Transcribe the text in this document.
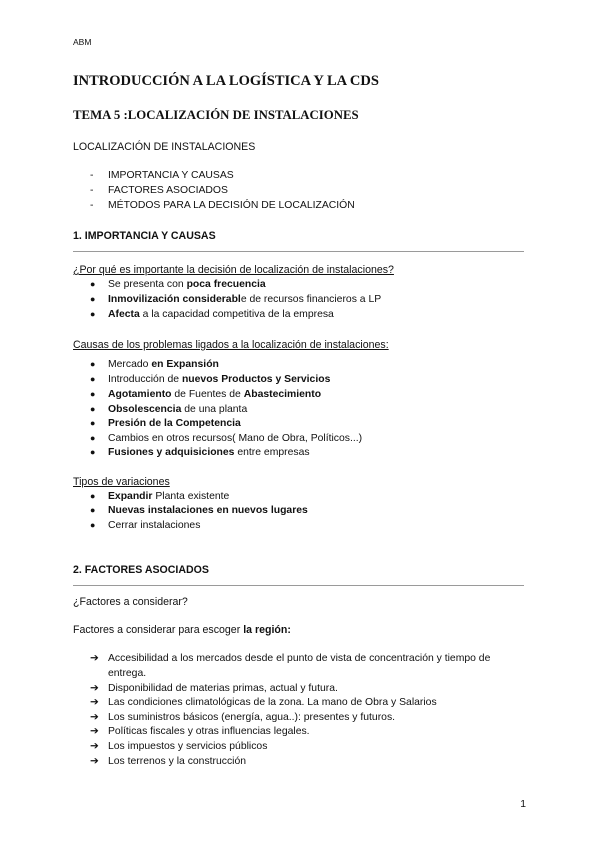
ABM
INTRODUCCIÓN A LA LOGÍSTICA Y LA CDS
TEMA 5 :LOCALIZACIÓN DE INSTALACIONES
LOCALIZACIÓN DE INSTALACIONES
- IMPORTANCIA Y CAUSAS
- FACTORES ASOCIADOS
- MÉTODOS PARA LA DECISIÓN DE LOCALIZACIÓN
1. IMPORTANCIA Y CAUSAS
¿Por qué es importante la decisión de localización de instalaciones?
● Se presenta con poca frecuencia
● Inmovilización considerable de recursos financieros a LP
● Afecta a la capacidad competitiva de la empresa
Causas de los problemas ligados a la localización de instalaciones:
● Mercado en Expansión
● Introducción de nuevos Productos y Servicios
● Agotamiento de Fuentes de Abastecimiento
● Obsolescencia de una planta
● Presión de la Competencia
● Cambios en otros recursos( Mano de Obra, Políticos...)
● Fusiones y adquisiciones entre empresas
Tipos de variaciones
● Expandir Planta existente
● Nuevas instalaciones en nuevos lugares
● Cerrar instalaciones
2. FACTORES ASOCIADOS
¿Factores a considerar?
Factores a considerar para escoger la región:
➔ Accesibilidad a los mercados desde el punto de vista de concentración y tiempo de
entrega.
➔ Disponibilidad de materias primas, actual y futura.
➔ Las condiciones climatológicas de la zona. La mano de Obra y Salarios
➔ Los suministros básicos (energía, agua..): presentes y futuros.
➔ Políticas fiscales y otras influencias legales.
➔ Los impuestos y servicios públicos
➔ Los terrenos y la construcción
1
